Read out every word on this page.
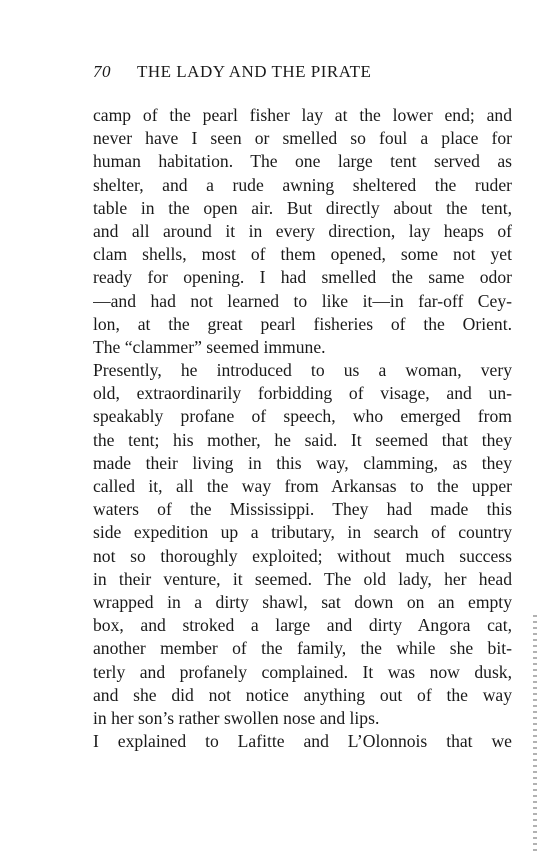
70 THE LADY AND THE PIRATE
camp of the pearl fisher lay at the lower end; and
never have I seen or smelled so foul a place for
human habitation. The one large tent served as
shelter, and a rude awning sheltered the ruder
table in the open air. But directly about the tent,
and all around it in every direction, lay heaps of
clam shells, most of them opened, some not yet
ready for opening. I had smelled the same odor
—and had not learned to like it—in far-off Cey-
lon, at the great pearl fisheries of the Orient.
The “clammer” seemed immune.
Presently, he introduced to us a woman, very
old, extraordinarily forbidding of visage, and un-
speakably profane of speech, who emerged from
the tent; his mother, he said. It seemed that they
made their living in this way, clamming, as they
called it, all the way from Arkansas to the upper
waters of the Mississippi. They had made this
side expedition up a tributary, in search of country
not so thoroughly exploited; without much success
in their venture, it seemed. The old lady, her head
wrapped in a dirty shawl, sat down on an empty
box, and stroked a large and dirty Angora cat,
another member of the family, the while she bit-
terly and profanely complained. It was now dusk,
and she did not notice anything out of the way
in her son’s rather swollen nose and lips.
I explained to Lafitte and L’Olonnois that we
